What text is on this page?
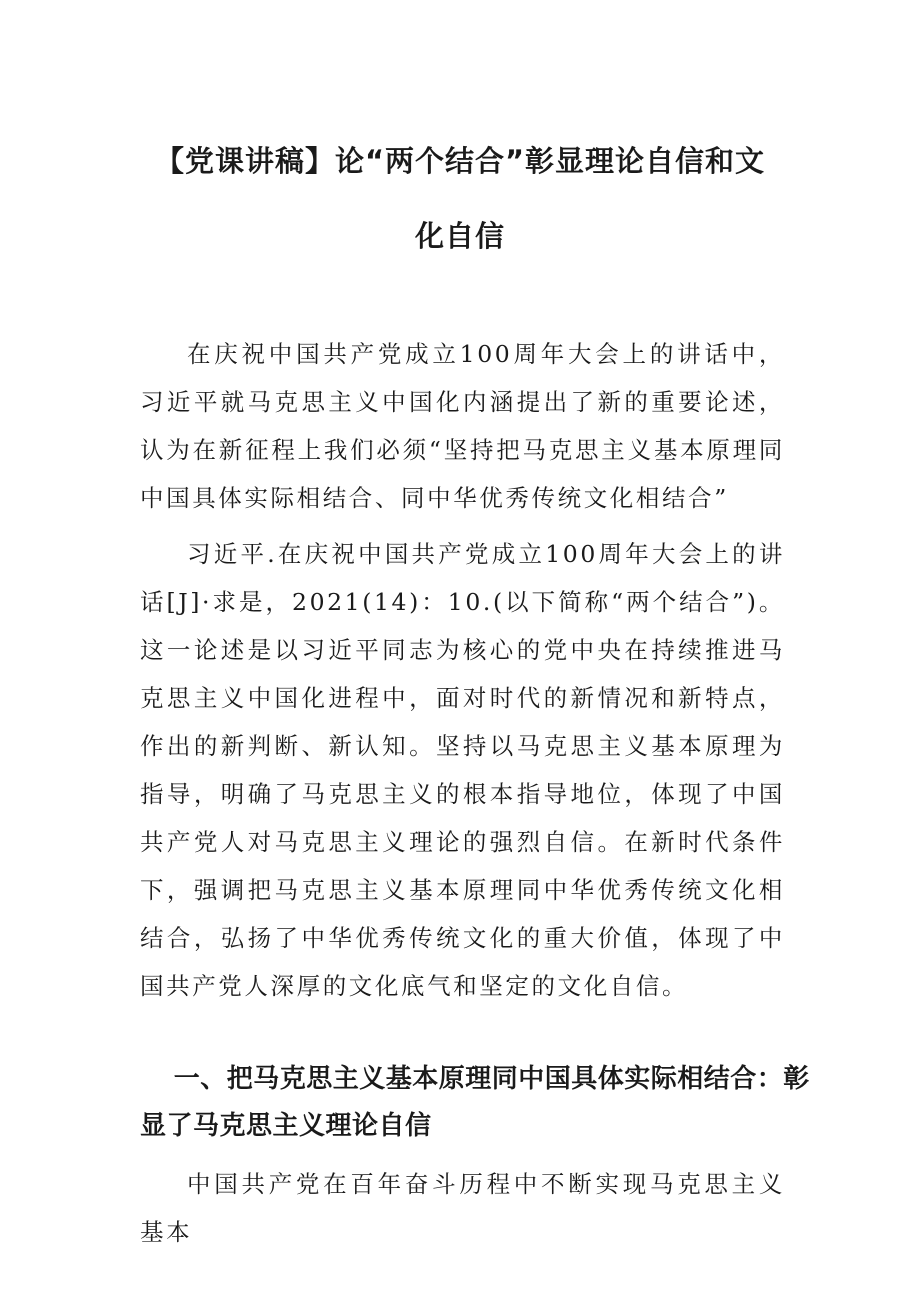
【党课讲稿】论“两个结合”彰显理论自信和文化自信

在庆祝中国共产党成立100周年大会上的讲话中，习近平就马克思主义中国化内涵提出了新的重要论述，认为在新征程上我们必须“坚持把马克思主义基本原理同中国具体实际相结合、同中华优秀传统文化相结合”

习近平.在庆祝中国共产党成立100周年大会上的讲话[J]·求是，2021(14)：10.(以下简称“两个结合”)。这一论述是以习近平同志为核心的党中央在持续推进马克思主义中国化进程中，面对时代的新情况和新特点，作出的新判断、新认知。坚持以马克思主义基本原理为指导，明确了马克思主义的根本指导地位，体现了中国共产党人对马克思主义理论的强烈自信。在新时代条件下，强调把马克思主义基本原理同中华优秀传统文化相结合，弘扬了中华优秀传统文化的重大价值，体现了中国共产党人深厚的文化底气和坚定的文化自信。

一、把马克思主义基本原理同中国具体实际相结合：彰显了马克思主义理论自信

中国共产党在百年奋斗历程中不断实现马克思主义基本
